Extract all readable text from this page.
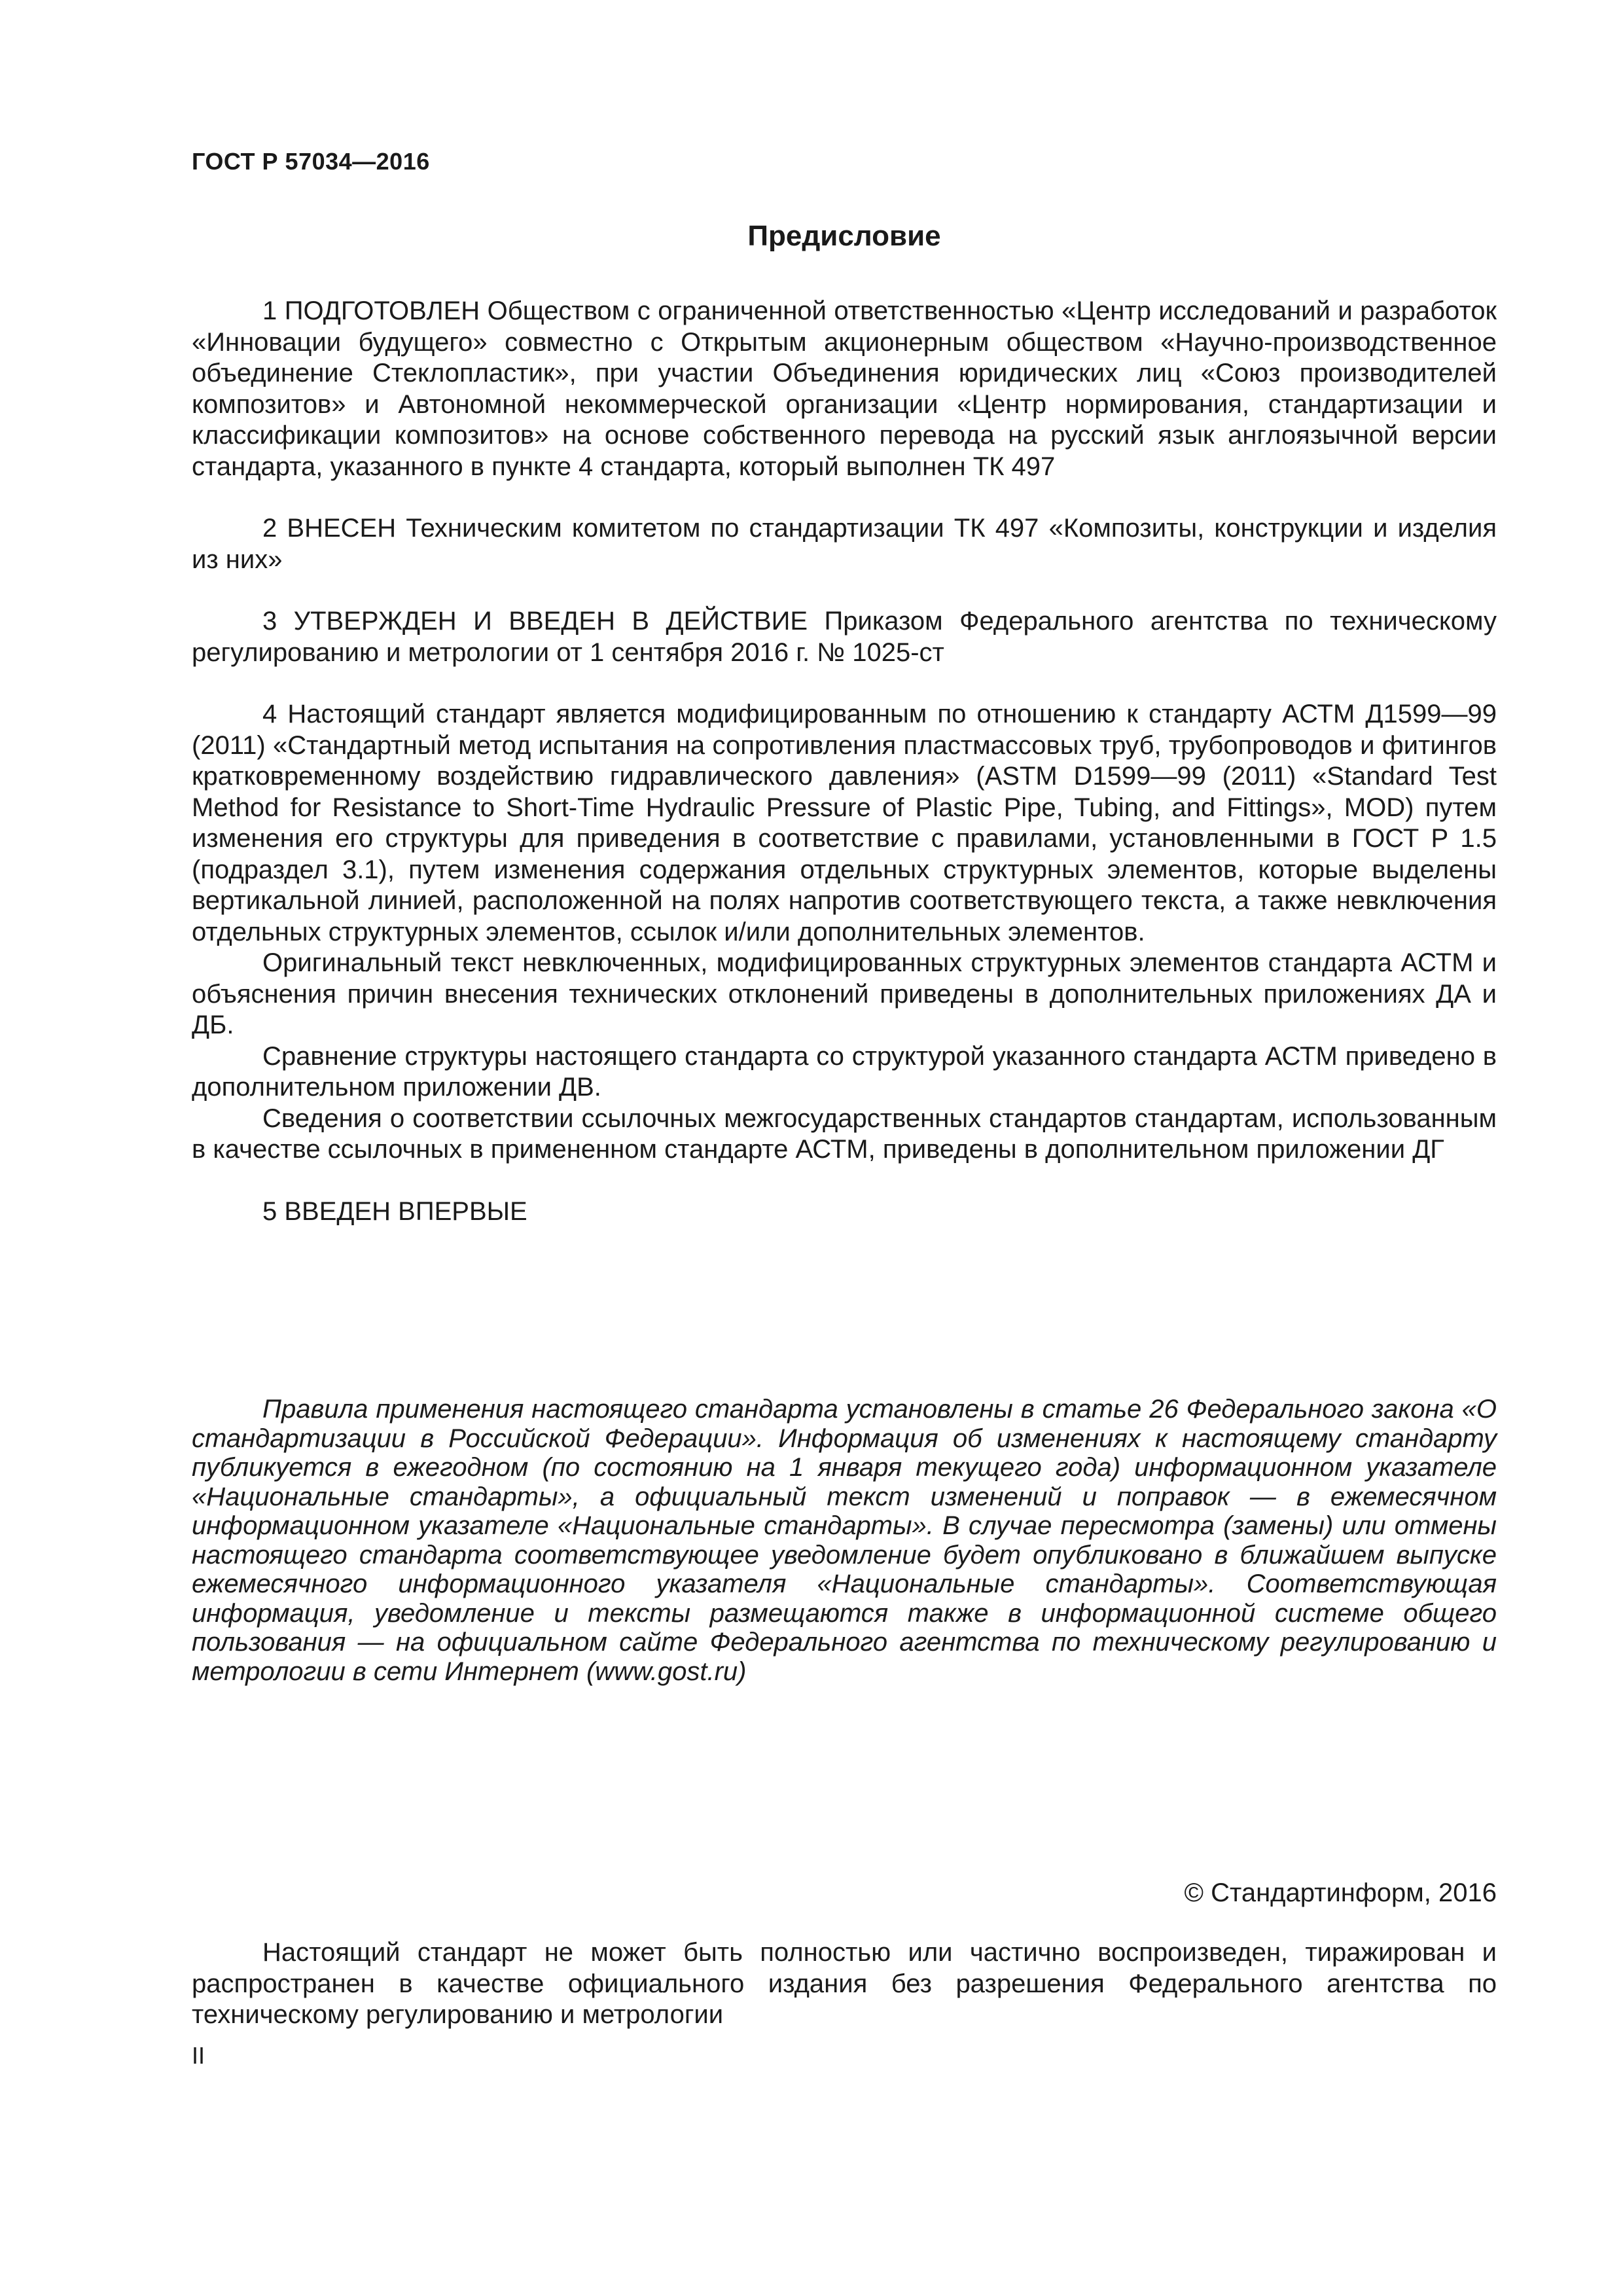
ГОСТ Р 57034—2016
Предисловие

1 ПОДГОТОВЛЕН Обществом с ограниченной ответственностью «Центр исследований и разработок «Инновации будущего» совместно с Открытым акционерным обществом «Научно-производственное объединение Стеклопластик», при участии Объединения юридических лиц «Союз производителей композитов» и Автономной некоммерческой организации «Центр нормирования, стандартизации и классификации композитов» на основе собственного перевода на русский язык англоязычной версии стандарта, указанного в пункте 4 стандарта, который выполнен ТК 497

2 ВНЕСЕН Техническим комитетом по стандартизации ТК 497 «Композиты, конструкции и изделия из них»

3 УТВЕРЖДЕН И ВВЕДЕН В ДЕЙСТВИЕ Приказом Федерального агентства по техническому регулированию и метрологии от 1 сентября 2016 г. № 1025-ст

4 Настоящий стандарт является модифицированным по отношению к стандарту АСТМ Д1599—99 (2011) «Стандартный метод испытания на сопротивления пластмассовых труб, трубопроводов и фитингов кратковременному воздействию гидравлического давления» (ASTM D1599—99 (2011) «Standard Test Method for Resistance to Short-Time Hydraulic Pressure of Plastic Pipe, Tubing, and Fittings», MOD) путем изменения его структуры для приведения в соответствие с правилами, установленными в ГОСТ Р 1.5 (подраздел 3.1), путем изменения содержания отдельных структурных элементов, которые выделены вертикальной линией, расположенной на полях напротив соответствующего текста, а также невключения отдельных структурных элементов, ссылок и/или дополнительных элементов.

Оригинальный текст невключенных, модифицированных структурных элементов стандарта АСТМ и объяснения причин внесения технических отклонений приведены в дополнительных приложениях ДА и ДБ.

Сравнение структуры настоящего стандарта со структурой указанного стандарта АСТМ приведено в дополнительном приложении ДВ.

Сведения о соответствии ссылочных межгосударственных стандартов стандартам, использованным в качестве ссылочных в примененном стандарте АСТМ, приведены в дополнительном приложении ДГ

5 ВВЕДЕН ВПЕРВЫЕ

Правила применения настоящего стандарта установлены в статье 26 Федерального закона «О стандартизации в Российской Федерации». Информация об изменениях к настоящему стандарту публикуется в ежегодном (по состоянию на 1 января текущего года) информационном указателе «Национальные стандарты», а официальный текст изменений и поправок — в ежемесячном информационном указателе «Национальные стандарты». В случае пересмотра (замены) или отмены настоящего стандарта соответствующее уведомление будет опубликовано в ближайшем выпуске ежемесячного информационного указателя «Национальные стандарты». Соответствующая информация, уведомление и тексты размещаются также в информационной системе общего пользования — на официальном сайте Федерального агентства по техническому регулированию и метрологии в сети Интернет (www.gost.ru)
© Стандартинформ, 2016
Настоящий стандарт не может быть полностью или частично воспроизведен, тиражирован и распространен в качестве официального издания без разрешения Федерального агентства по техническому регулированию и метрологии
II
